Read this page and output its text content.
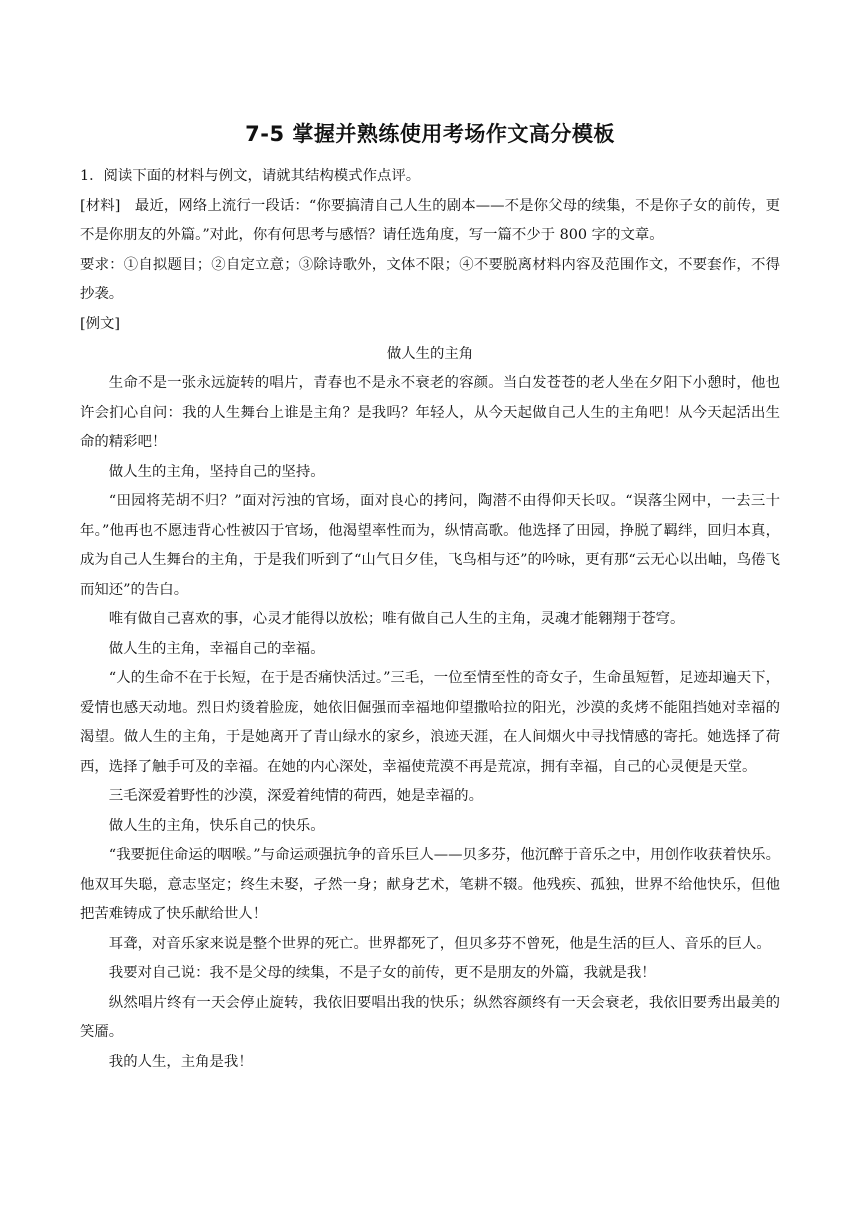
7-5 掌握并熟练使用考场作文高分模板

1．阅读下面的材料与例文，请就其结构模式作点评。

[材料]　最近，网络上流行一段话：“你要搞清自己人生的剧本——不是你父母的续集，不是你子女的前传，更不是你朋友的外篇。”对此，你有何思考与感悟？请任选角度，写一篇不少于 800 字的文章。

要求：①自拟题目；②自定立意；③除诗歌外，文体不限；④不要脱离材料内容及范围作文，不要套作，不得抄袭。

[例文]

做人生的主角

生命不是一张永远旋转的唱片，青春也不是永不衰老的容颜。当白发苍苍的老人坐在夕阳下小憩时，他也许会扪心自问：我的人生舞台上谁是主角？是我吗？年轻人，从今天起做自己人生的主角吧！从今天起活出生命的精彩吧！

做人生的主角，坚持自己的坚持。

“田园将芜胡不归？”面对污浊的官场，面对良心的拷问，陶潜不由得仰天长叹。“误落尘网中，一去三十年。”他再也不愿违背心性被囚于官场，他渴望率性而为，纵情高歌。他选择了田园，挣脱了羁绊，回归本真，成为自己人生舞台的主角，于是我们听到了“山气日夕佳，飞鸟相与还”的吟咏，更有那“云无心以出岫，鸟倦飞而知还”的告白。

唯有做自己喜欢的事，心灵才能得以放松；唯有做自己人生的主角，灵魂才能翱翔于苍穹。

做人生的主角，幸福自己的幸福。

“人的生命不在于长短，在于是否痛快活过。”三毛，一位至情至性的奇女子，生命虽短暂，足迹却遍天下，爱情也感天动地。烈日灼烫着脸庞，她依旧倔强而幸福地仰望撒哈拉的阳光，沙漠的炙烤不能阻挡她对幸福的渴望。做人生的主角，于是她离开了青山绿水的家乡，浪迹天涯，在人间烟火中寻找情感的寄托。她选择了荷西，选择了触手可及的幸福。在她的内心深处，幸福使荒漠不再是荒凉，拥有幸福，自己的心灵便是天堂。

三毛深爱着野性的沙漠，深爱着纯情的荷西，她是幸福的。

做人生的主角，快乐自己的快乐。

“我要扼住命运的咽喉。”与命运顽强抗争的音乐巨人——贝多芬，他沉醉于音乐之中，用创作收获着快乐。他双耳失聪，意志坚定；终生未娶，孑然一身；献身艺术，笔耕不辍。他残疾、孤独，世界不给他快乐，但他把苦难铸成了快乐献给世人！

耳聋，对音乐家来说是整个世界的死亡。世界都死了，但贝多芬不曾死，他是生活的巨人、音乐的巨人。

我要对自己说：我不是父母的续集，不是子女的前传，更不是朋友的外篇，我就是我！

纵然唱片终有一天会停止旋转，我依旧要唱出我的快乐；纵然容颜终有一天会衰老，我依旧要秀出最美的笑靥。

我的人生，主角是我！
